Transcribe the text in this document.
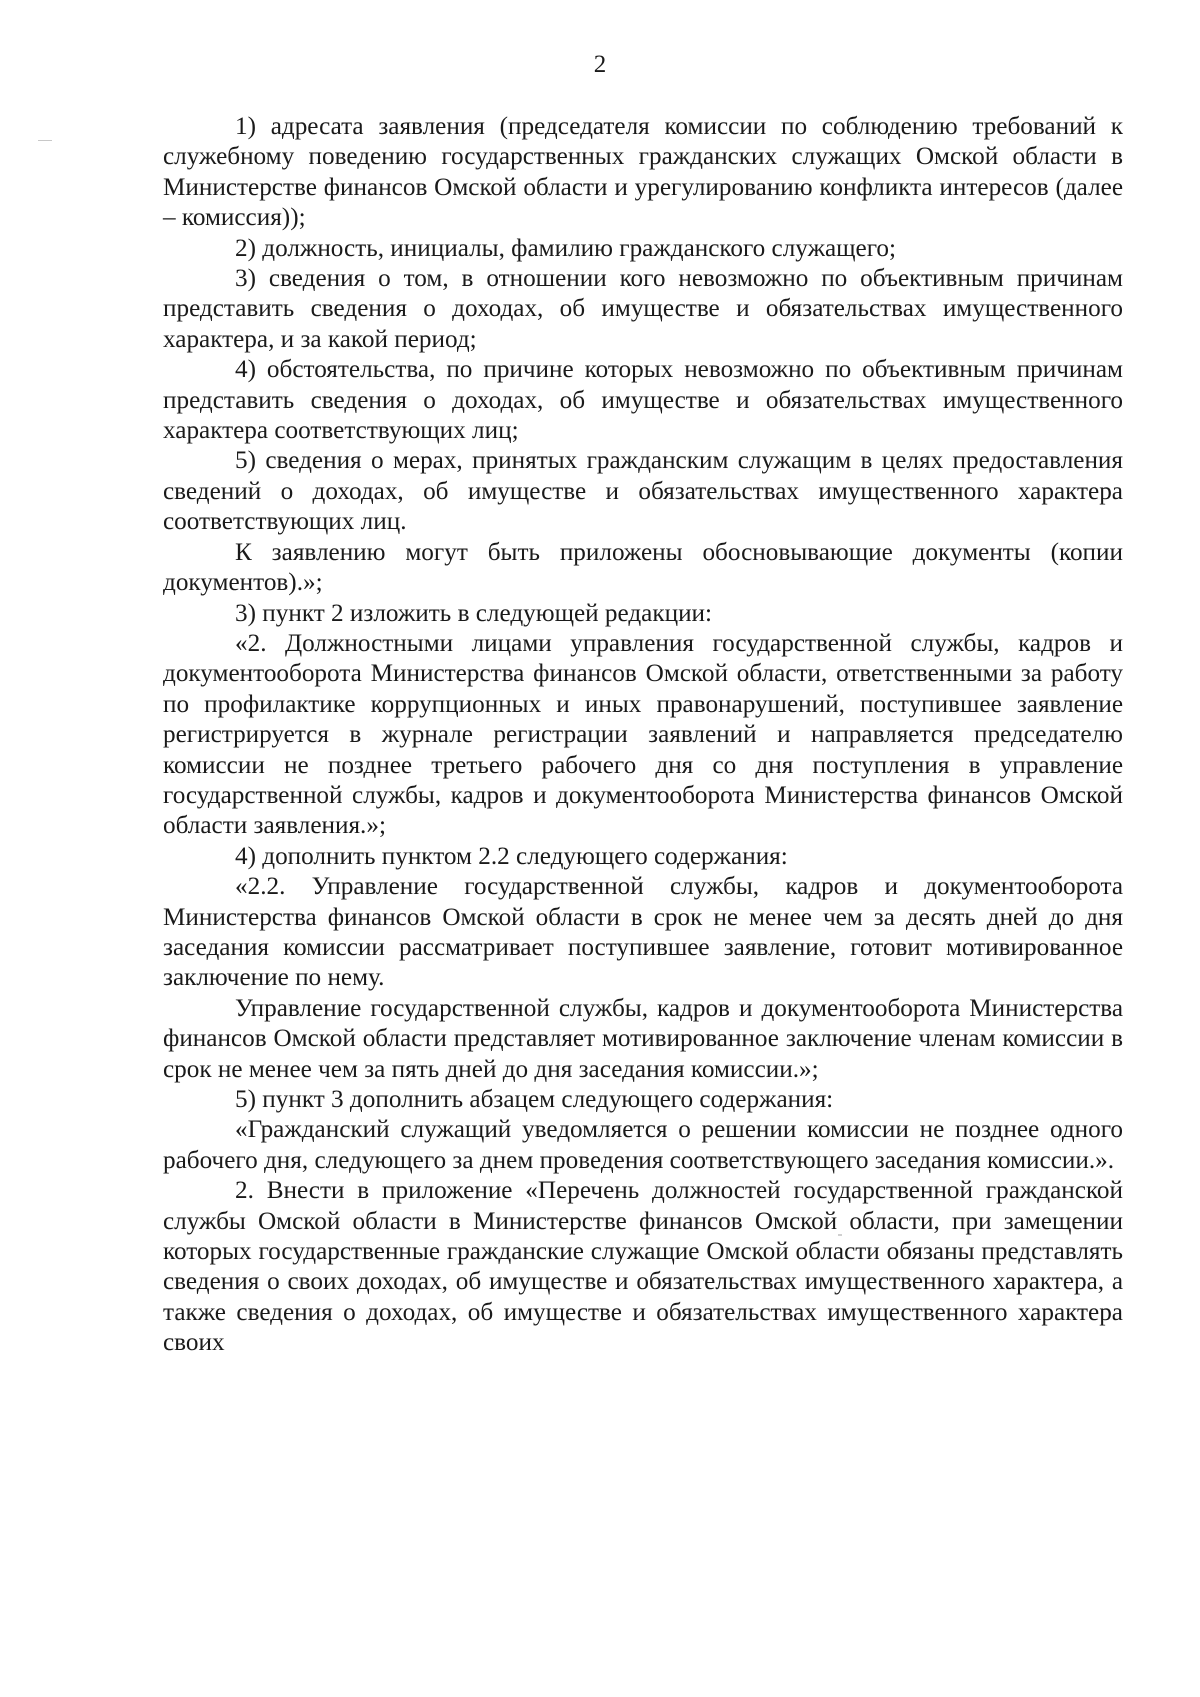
2

1) адресата заявления (председателя комиссии по соблюдению требований к служебному поведению государственных гражданских служащих Омской области в Министерстве финансов Омской области и урегулированию конфликта интересов (далее – комиссия));

2) должность, инициалы, фамилию гражданского служащего;

3) сведения о том, в отношении кого невозможно по объективным причинам представить сведения о доходах, об имуществе и обязательствах имущественного характера, и за какой период;

4) обстоятельства, по причине которых невозможно по объективным причинам представить сведения о доходах, об имуществе и обязательствах имущественного характера соответствующих лиц;

5) сведения о мерах, принятых гражданским служащим в целях предоставления сведений о доходах, об имуществе и обязательствах имущественного характера соответствующих лиц.

К заявлению могут быть приложены обосновывающие документы (копии документов).»;

3) пункт 2 изложить в следующей редакции:

«2. Должностными лицами управления государственной службы, кадров и документооборота Министерства финансов Омской области, ответственными за работу по профилактике коррупционных и иных правонарушений, поступившее заявление регистрируется в журнале регистрации заявлений и направляется председателю комиссии не позднее третьего рабочего дня со дня поступления в управление государственной службы, кадров и документооборота Министерства финансов Омской области заявления.»;

4) дополнить пунктом 2.2 следующего содержания:

«2.2. Управление государственной службы, кадров и документооборота Министерства финансов Омской области в срок не менее чем за десять дней до дня заседания комиссии рассматривает поступившее заявление, готовит мотивированное заключение по нему.

Управление государственной службы, кадров и документооборота Министерства финансов Омской области представляет мотивированное заключение членам комиссии в срок не менее чем за пять дней до дня заседания комиссии.»;

5) пункт 3 дополнить абзацем следующего содержания:

«Гражданский служащий уведомляется о решении комиссии не позднее одного рабочего дня, следующего за днем проведения соответствующего заседания комиссии.».

2. Внести в приложение «Перечень должностей государственной гражданской службы Омской области в Министерстве финансов Омской области, при замещении которых государственные гражданские служащие Омской области обязаны представлять сведения о своих доходах, об имуществе и обязательствах имущественного характера, а также сведения о доходах, об имуществе и обязательствах имущественного характера своих
